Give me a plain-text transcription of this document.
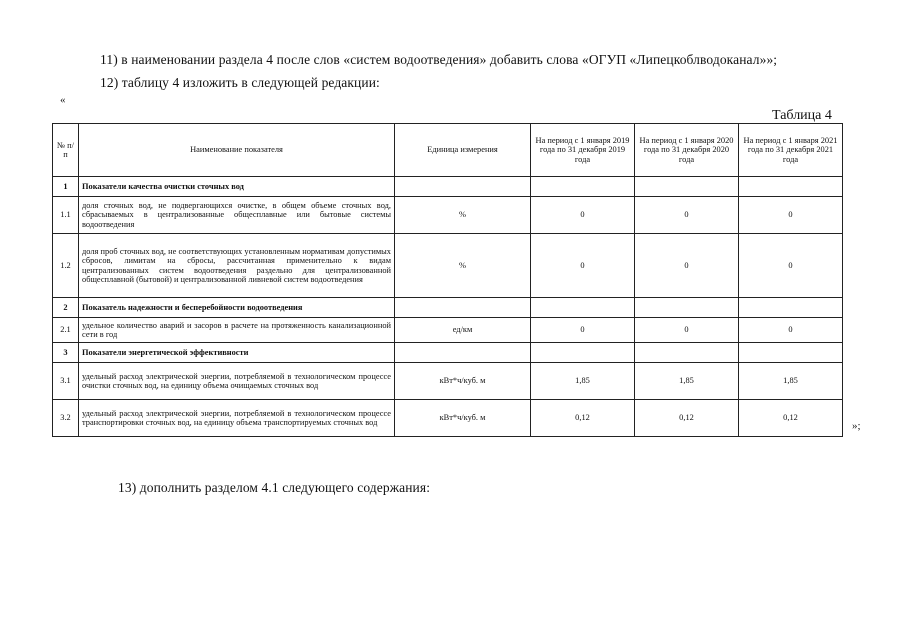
11) в наименовании раздела 4 после слов «систем водоотведения» добавить слова «ОГУП «Липецкоблводоканал»»;
12) таблицу 4 изложить в следующей редакции:
«
Таблица 4
№ п/п	Наименование показателя	Единица измерения	На период с 1 января 2019 года по 31 декабря 2019 года	На период с 1 января 2020 года по 31 декабря 2020 года	На период с 1 января 2021 года по 31 декабря 2021 года
1	Показатели качества очистки сточных вод				
1.1	доля сточных вод, не подвергающихся очистке, в общем объеме сточных вод, сбрасываемых в централизованные общесплавные или бытовые системы водоотведения	%	0	0	0
1.2	доля проб сточных вод, не соответствующих установленным нормативам допустимых сбросов, лимитам на сбросы, рассчитанная применительно к видам централизованных систем водоотведения раздельно для централизованной общесплавной (бытовой) и централизованной ливневой систем водоотведения	%	0	0	0
2	Показатель надежности и бесперебойности водоотведения				
2.1	удельное количество аварий и засоров в расчете на протяженность канализационной сети в год	ед/км	0	0	0
3	Показатели энергетической эффективности				
3.1	удельный расход электрической энергии, потребляемой в технологическом процессе очистки сточных вод, на единицу объема очищаемых сточных вод	кВт*ч/куб. м	1,85	1,85	1,85
3.2	удельный расход электрической энергии, потребляемой в технологическом процессе транспортировки сточных вод, на единицу объема транспортируемых сточных вод	кВт*ч/куб. м	0,12	0,12	0,12
»;
13) дополнить разделом 4.1 следующего содержания:
